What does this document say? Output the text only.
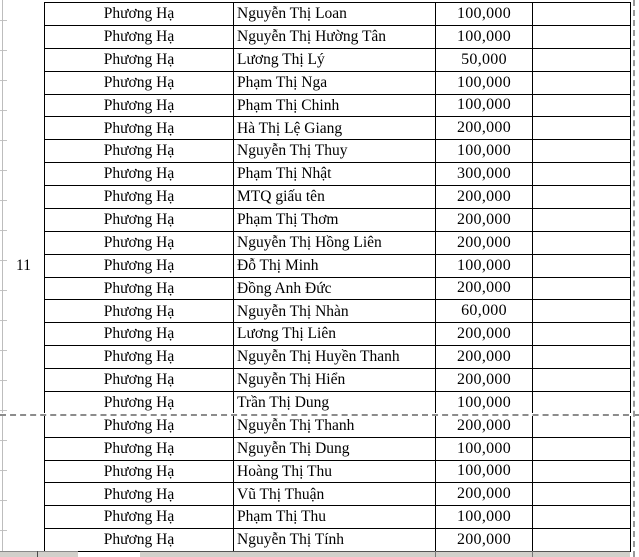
11
Phương Hạ	Nguyễn Thị Loan	100,000
Phương Hạ	Nguyễn Thị Hường Tân	100,000
Phương Hạ	Lương Thị Lý	50,000
Phương Hạ	Phạm Thị Nga	100,000
Phương Hạ	Phạm Thị Chinh	100,000
Phương Hạ	Hà Thị Lệ Giang	200,000
Phương Hạ	Nguyễn Thị Thuy	100,000
Phương Hạ	Phạm Thị Nhật	300,000
Phương Hạ	MTQ giấu tên	200,000
Phương Hạ	Phạm Thị Thơm	200,000
Phương Hạ	Nguyễn Thị Hồng Liên	200,000
Phương Hạ	Đỗ Thị Minh	100,000
Phương Hạ	Đồng Anh Đức	200,000
Phương Hạ	Nguyễn Thị Nhàn	60,000
Phương Hạ	Lương Thị Liên	200,000
Phương Hạ	Nguyễn Thị Huyền Thanh	200,000
Phương Hạ	Nguyễn Thị Hiển	200,000
Phương Hạ	Trần Thị Dung	100,000
Phương Hạ	Nguyễn Thị Thanh	200,000
Phương Hạ	Nguyễn Thị Dung	100,000
Phương Hạ	Hoàng Thị Thu	100,000
Phương Hạ	Vũ Thị Thuận	200,000
Phương Hạ	Phạm Thị Thu	100,000
Phương Hạ	Nguyễn Thị Tính	200,000
